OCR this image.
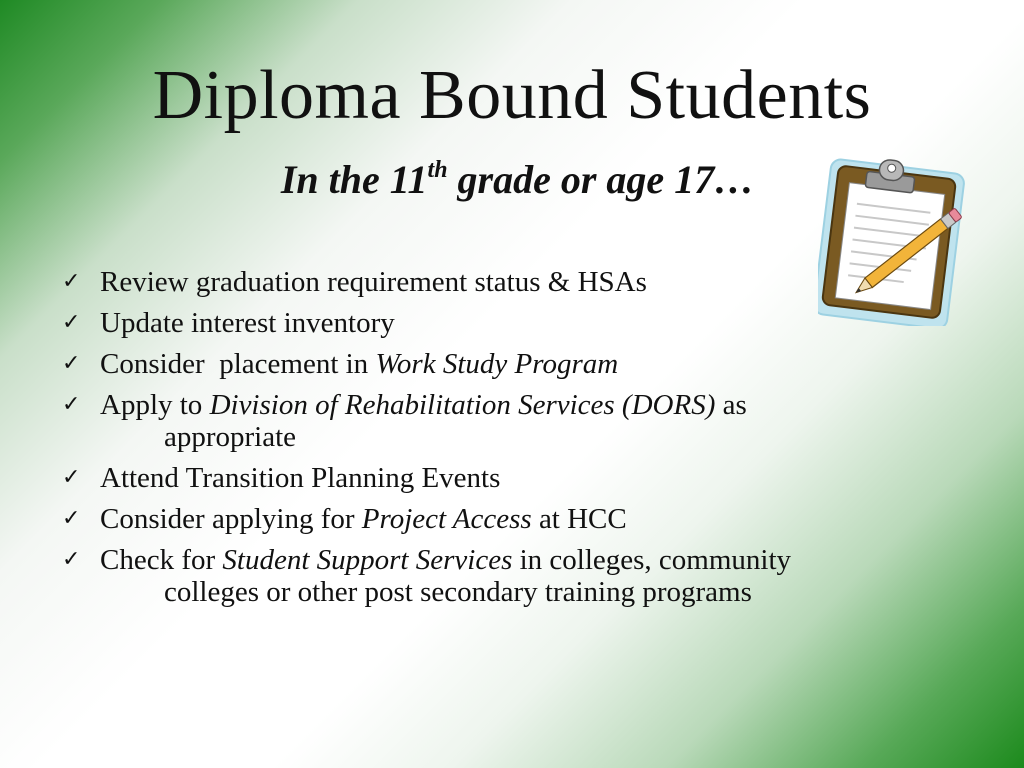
Diploma Bound Students
In the 11th grade or age 17…
✓ Review graduation requirement status & HSAs
✓ Update interest inventory
✓ Consider  placement in Work Study Program
✓ Apply to Division of Rehabilitation Services (DORS) as
appropriate
✓ Attend Transition Planning Events
✓ Consider applying for Project Access at HCC
✓ Check for Student Support Services in colleges, community
colleges or other post secondary training programs
